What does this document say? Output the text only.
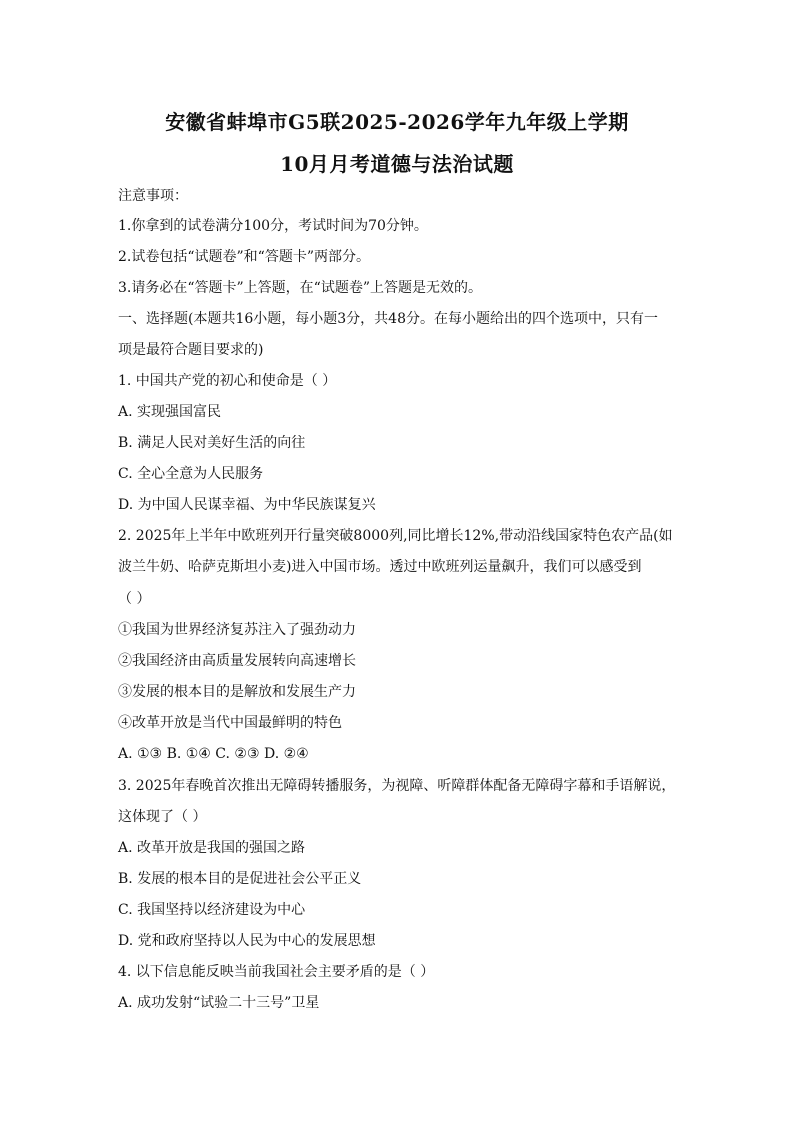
安徽省蚌埠市G5联2025-2026学年九年级上学期
10月月考道德与法治试题

注意事项：

1.你拿到的试卷满分100分，考试时间为70分钟。

2.试卷包括“试题卷”和“答题卡”两部分。

3.请务必在“答题卡”上答题，在“试题卷”上答题是无效的。

一、选择题(本题共16小题，每小题3分，共48分。在每小题给出的四个选项中，只有一

项是最符合题目要求的)

1. 中国共产党的初心和使命是（ ）

A. 实现强国富民

B. 满足人民对美好生活的向往

C. 全心全意为人民服务

D. 为中国人民谋幸福、为中华民族谋复兴

2. 2025年上半年中欧班列开行量突破8000列,同比增长12%,带动沿线国家特色农产品(如

波兰牛奶、哈萨克斯坦小麦)进入中国市场。透过中欧班列运量飙升，我们可以感受到

（ ）

①我国为世界经济复苏注入了强劲动力

②我国经济由高质量发展转向高速增长

③发展的根本目的是解放和发展生产力

④改革开放是当代中国最鲜明的特色

A. ①③ B. ①④ C. ②③ D. ②④

3. 2025年春晚首次推出无障碍转播服务，为视障、听障群体配备无障碍字幕和手语解说，

这体现了（ ）

A. 改革开放是我国的强国之路

B. 发展的根本目的是促进社会公平正义

C. 我国坚持以经济建设为中心

D. 党和政府坚持以人民为中心的发展思想

4. 以下信息能反映当前我国社会主要矛盾的是（ ）

A. 成功发射“试验二十三号”卫星
